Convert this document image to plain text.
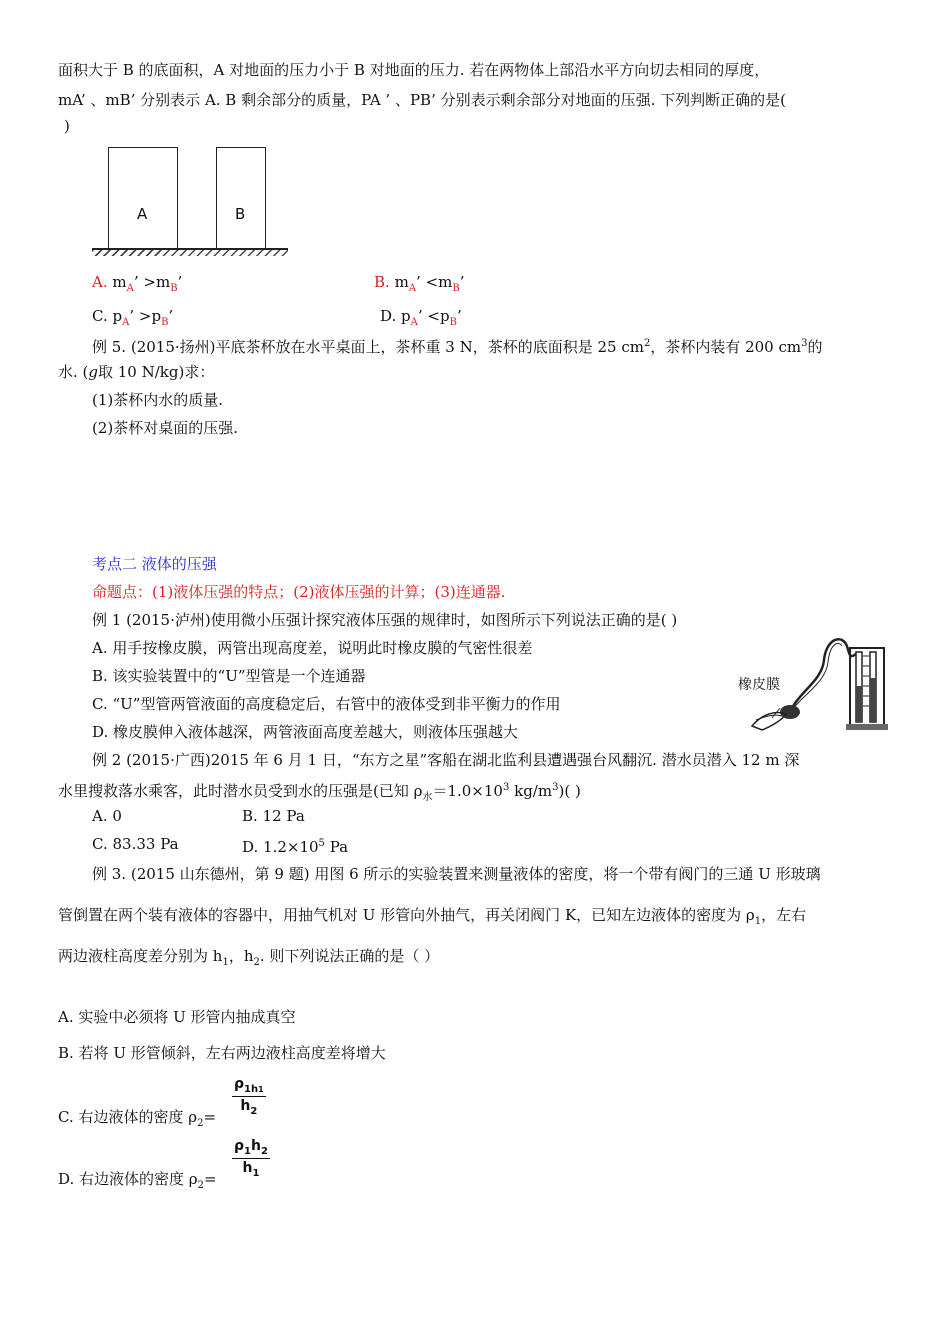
面积大于 B 的底面积，A 对地面的压力小于 B 对地面的压力. 若在两物体上部沿水平方向切去相同的厚度，
mA’ 、mB’ 分别表示 A. B 剩余部分的质量，PA ’ 、PB’ 分别表示剩余部分对地面的压强. 下列判断正确的是(
)
A	B
A. $m_A$’ $>m_B$’	B. $m_A$’ $<m_B$’
C. $p_A$’ $>p_B$’	D. $p_A$’ $<p_B$’
例 5. (2015·扬州)平底茶杯放在水平桌面上，茶杯重 3 N，茶杯的底面积是 25 $cm^2$，茶杯内装有 200 $cm^3$的
水. (g取 10 N/kg)求：
(1)茶杯内水的质量.
(2)茶杯对桌面的压强.
考点二 液体的压强
命题点：(1)液体压强的特点；(2)液体压强的计算；(3)连通器.
例 1 (2015·泸州)使用微小压强计探究液体压强的规律时，如图所示下列说法正确的是( )
A. 用手按橡皮膜，两管出现高度差，说明此时橡皮膜的气密性很差
B. 该实验装置中的“U”型管是一个连通器
C. “U”型管两管液面的高度稳定后，右管中的液体受到非平衡力的作用
D. 橡皮膜伸入液体越深，两管液面高度差越大，则液体压强越大
橡皮膜
例 2 (2015·广西)2015 年 6 月 1 日，“东方之星”客船在湖北监利县遭遇强台风翻沉. 潜水员潜入 12 m 深
水里搜救落水乘客，此时潜水员受到水的压强是(已知 $\rho_水=1.0\times 10^3$ $kg/m^3$)( )
A. 0	B. 12 Pa
C. 83.33 Pa	D. $1.2\times 10^5$ Pa
例 3. (2015 山东德州，第 9 题) 用图 6 所示的实验装置来测量液体的密度，将一个带有阀门的三通 U 形玻璃
管倒置在两个装有液体的容器中，用抽气机对 U 形管向外抽气，再关闭阀门 K，已知左边液体的密度为 $\rho_1$，左右
两边液柱高度差分别为 $h_1$，$h_2$. 则下列说法正确的是（ ）
A. 实验中必须将 U 形管内抽成真空
B. 若将 U 形管倾斜，左右两边液柱高度差将增大
C. 右边液体的密度 $\rho_2=$
$\rho_{1h1}$
$h_2$
D. 右边液体的密度 $\rho_2=$
$\rho_1h_2$
$h_1$
